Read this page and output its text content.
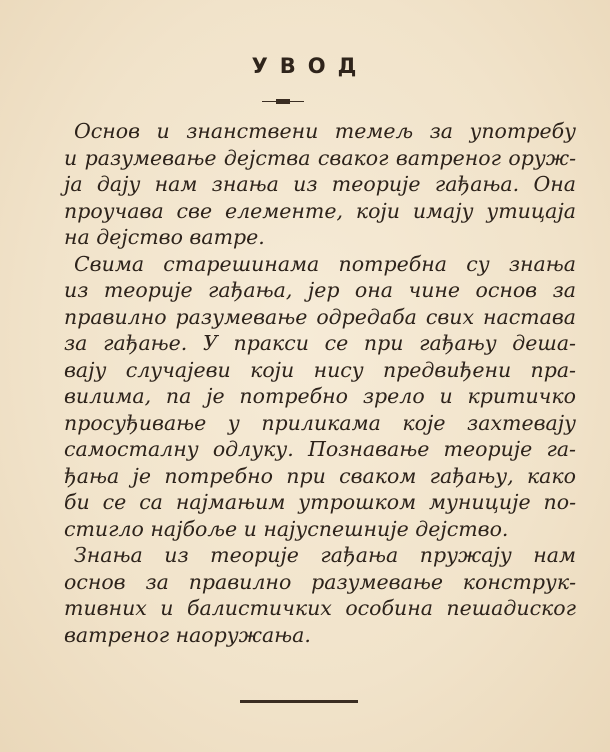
УВОД
Основ и знанствени темељ за употребу
и разумевање дејства сваког ватреног оруж-
ја дају нам знања из теорије гађања. Она
проучава све елементе, који имају утицаја
на дејство ватре.
Свима старешинама потребна су знања
из теорије гађања, јер она чине основ за
правилно разумевање одредаба свих настава
за гађање. У пракси се при гађању деша-
вају случајеви који нису предвиђени пра-
вилима, па је потребно зрело и критичко
просуђивање у приликама које захтевају
самосталну одлуку. Познавање теорије га-
ђања је потребно при сваком гађању, како
би се са најмањим утрошком муниције по-
стигло најбоље и најуспешније дејство.
Знања из теорије гађања пружају нам
основ за правилно разумевање конструк-
тивних и балистичких особина пешадиског
ватреног наоружања.
